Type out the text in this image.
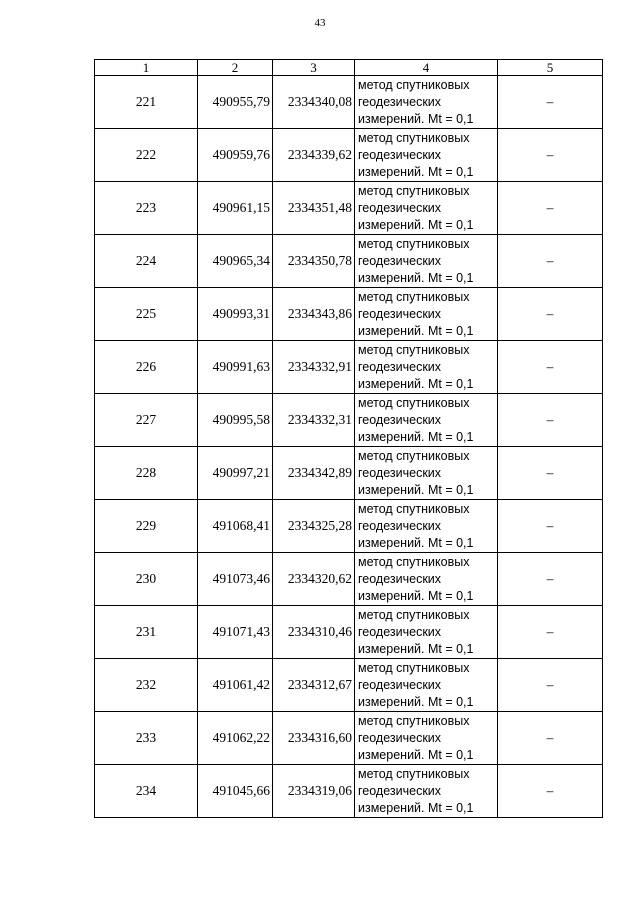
43
1	2	3	4	5
221	490955,79	2334340,08	метод спутниковых
геодезических
измерений. Mt = 0,1	–
222	490959,76	2334339,62	метод спутниковых
геодезических
измерений. Mt = 0,1	–
223	490961,15	2334351,48	метод спутниковых
геодезических
измерений. Mt = 0,1	–
224	490965,34	2334350,78	метод спутниковых
геодезических
измерений. Mt = 0,1	–
225	490993,31	2334343,86	метод спутниковых
геодезических
измерений. Mt = 0,1	–
226	490991,63	2334332,91	метод спутниковых
геодезических
измерений. Mt = 0,1	–
227	490995,58	2334332,31	метод спутниковых
геодезических
измерений. Mt = 0,1	–
228	490997,21	2334342,89	метод спутниковых
геодезических
измерений. Mt = 0,1	–
229	491068,41	2334325,28	метод спутниковых
геодезических
измерений. Mt = 0,1	–
230	491073,46	2334320,62	метод спутниковых
геодезических
измерений. Mt = 0,1	–
231	491071,43	2334310,46	метод спутниковых
геодезических
измерений. Mt = 0,1	–
232	491061,42	2334312,67	метод спутниковых
геодезических
измерений. Mt = 0,1	–
233	491062,22	2334316,60	метод спутниковых
геодезических
измерений. Mt = 0,1	–
234	491045,66	2334319,06	метод спутниковых
геодезических
измерений. Mt = 0,1	–
